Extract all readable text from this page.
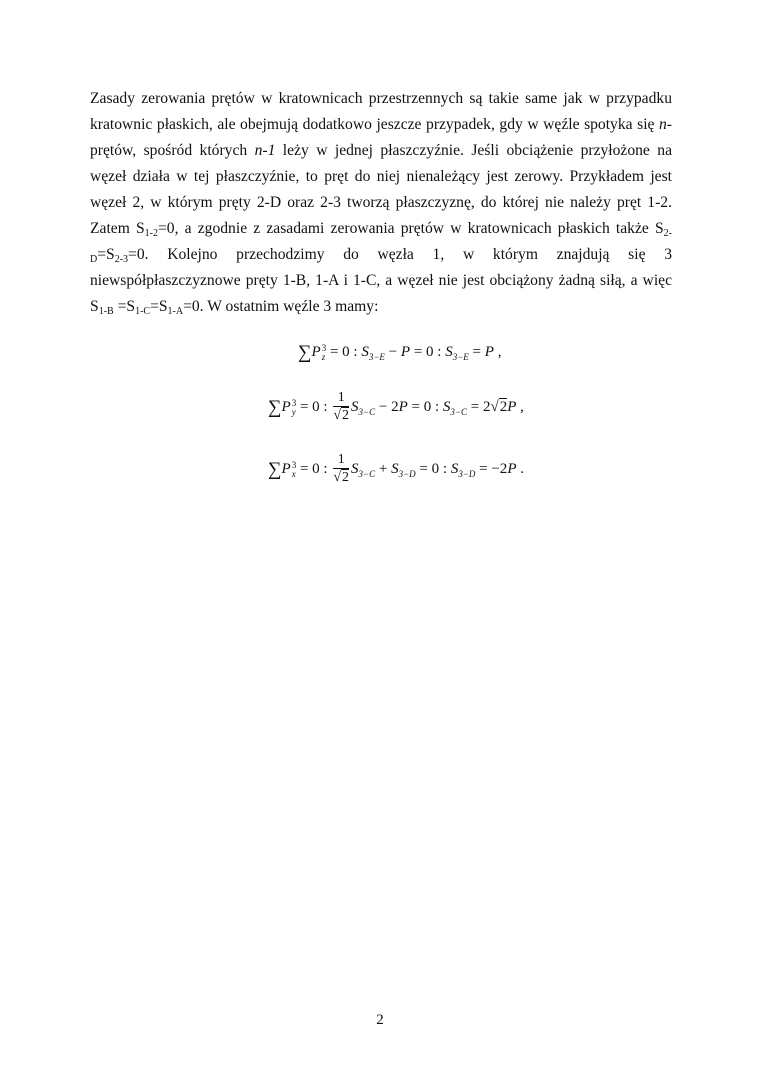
Zasady zerowania prętów w kratownicach przestrzennych są takie same jak w przypadku kratownic płaskich, ale obejmują dodatkowo jeszcze przypadek, gdy w węźle spotyka się n-prętów, spośród których n-1 leży w jednej płaszczyźnie. Jeśli obciążenie przyłożone na węzeł działa w tej płaszczyźnie, to pręt do niej nienależący jest zerowy. Przykładem jest węzeł 2, w którym pręty 2-D oraz 2-3 tworzą płaszczyznę, do której nie należy pręt 1-2. Zatem $S_{1-2}=0$, a zgodnie z zasadami zerowania prętów w kratownicach płaskich także $S_{2-D}=S_{2-3}=0$. Kolejno przechodzimy do węzła 1, w którym znajdują się 3 niewspółpłaszczyznowe pręty 1-B, 1-A i 1-C, a węzeł nie jest obciążony żadną siłą, a więc $S_{1-B} =S_{1-C}=S_{1-A}=0$. W ostatnim węźle 3 mamy:

∑P 3
z = 0 : $S_{3-E} - P = 0$ : $S_{3-E} = P$ ,
∑P 3
y = 0 : $\frac{1}{√2} S_{3-C} - 2P = 0$ : $S_{3-C} = 2√2P$ ,
∑P 3
x = 0 : $\frac{1}{√2} S_{3-C} + S_{3-D} = 0$ : $S_{3-D} = -2P$ .
2
